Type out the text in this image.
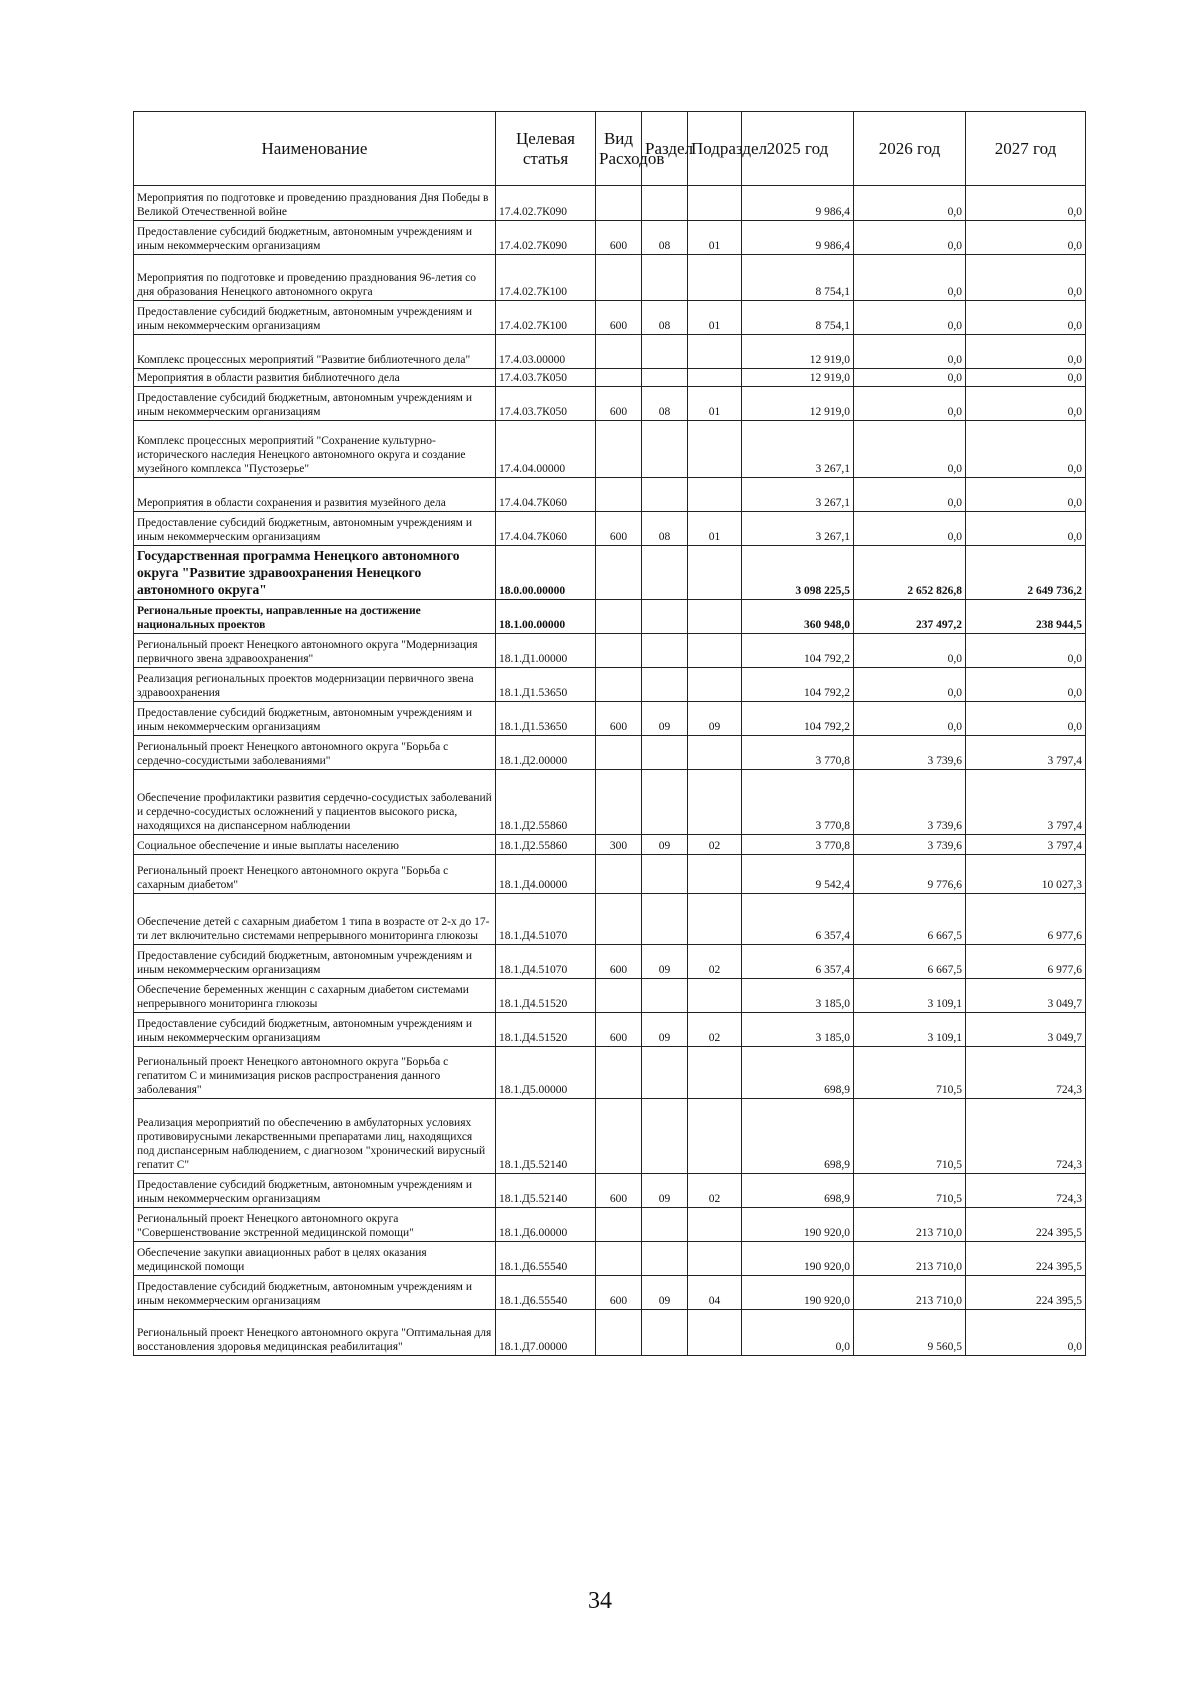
Наименование	Целевая статья	Вид Расходов	Раздел	Подраздел	2025 год	2026 год	2027 год
Мероприятия по подготовке и проведению празднования Дня Победы в Великой Отечественной войне	17.4.02.7К090				9 986,4	0,0	0,0
Предоставление субсидий бюджетным, автономным учреждениям и иным некоммерческим организациям	17.4.02.7К090	600	08	01	9 986,4	0,0	0,0
Мероприятия по подготовке и проведению празднования 96-летия со дня образования Ненецкого автономного округа	17.4.02.7К100				8 754,1	0,0	0,0
Предоставление субсидий бюджетным, автономным учреждениям и иным некоммерческим организациям	17.4.02.7К100	600	08	01	8 754,1	0,0	0,0
Комплекс процессных мероприятий "Развитие библиотечного дела"	17.4.03.00000				12 919,0	0,0	0,0
Мероприятия в области развития библиотечного дела	17.4.03.7К050				12 919,0	0,0	0,0
Предоставление субсидий бюджетным, автономным учреждениям и иным некоммерческим организациям	17.4.03.7К050	600	08	01	12 919,0	0,0	0,0
Комплекс процессных мероприятий "Сохранение культурно-исторического наследия Ненецкого автономного округа и создание музейного комплекса "Пустозерье"	17.4.04.00000				3 267,1	0,0	0,0
Мероприятия в области сохранения и развития музейного дела	17.4.04.7К060				3 267,1	0,0	0,0
Предоставление субсидий бюджетным, автономным учреждениям и иным некоммерческим организациям	17.4.04.7К060	600	08	01	3 267,1	0,0	0,0
Государственная программа Ненецкого автономного округа "Развитие здравоохранения Ненецкого автономного округа"	18.0.00.00000				3 098 225,5	2 652 826,8	2 649 736,2
Региональные проекты, направленные на достижение национальных проектов	18.1.00.00000				360 948,0	237 497,2	238 944,5
Региональный проект Ненецкого автономного округа "Модернизация первичного звена здравоохранения"	18.1.Д1.00000				104 792,2	0,0	0,0
Реализация региональных проектов модернизации первичного звена здравоохранения	18.1.Д1.53650				104 792,2	0,0	0,0
Предоставление субсидий бюджетным, автономным учреждениям и иным некоммерческим организациям	18.1.Д1.53650	600	09	09	104 792,2	0,0	0,0
Региональный проект Ненецкого автономного округа "Борьба с сердечно-сосудистыми заболеваниями"	18.1.Д2.00000				3 770,8	3 739,6	3 797,4
Обеспечение профилактики развития сердечно-сосудистых заболеваний и сердечно-сосудистых осложнений у пациентов высокого риска, находящихся на диспансерном наблюдении	18.1.Д2.55860				3 770,8	3 739,6	3 797,4
Социальное обеспечение и иные выплаты населению	18.1.Д2.55860	300	09	02	3 770,8	3 739,6	3 797,4
Региональный проект Ненецкого автономного округа "Борьба с сахарным диабетом"	18.1.Д4.00000				9 542,4	9 776,6	10 027,3
Обеспечение детей с сахарным диабетом 1 типа в возрасте от 2-х до 17-ти лет включительно системами непрерывного мониторинга глюкозы	18.1.Д4.51070				6 357,4	6 667,5	6 977,6
Предоставление субсидий бюджетным, автономным учреждениям и иным некоммерческим организациям	18.1.Д4.51070	600	09	02	6 357,4	6 667,5	6 977,6
Обеспечение беременных женщин с сахарным диабетом системами непрерывного мониторинга глюкозы	18.1.Д4.51520				3 185,0	3 109,1	3 049,7
Предоставление субсидий бюджетным, автономным учреждениям и иным некоммерческим организациям	18.1.Д4.51520	600	09	02	3 185,0	3 109,1	3 049,7
Региональный проект Ненецкого автономного округа "Борьба с гепатитом С и минимизация рисков распространения данного заболевания"	18.1.Д5.00000				698,9	710,5	724,3
Реализация мероприятий по обеспечению в амбулаторных условиях противовирусными лекарственными препаратами лиц, находящихся под диспансерным наблюдением, с диагнозом "хронический вирусный гепатит С"	18.1.Д5.52140				698,9	710,5	724,3
Предоставление субсидий бюджетным, автономным учреждениям и иным некоммерческим организациям	18.1.Д5.52140	600	09	02	698,9	710,5	724,3
Региональный проект Ненецкого автономного округа "Совершенствование экстренной медицинской помощи"	18.1.Д6.00000				190 920,0	213 710,0	224 395,5
Обеспечение закупки авиационных работ в целях оказания медицинской помощи	18.1.Д6.55540				190 920,0	213 710,0	224 395,5
Предоставление субсидий бюджетным, автономным учреждениям и иным некоммерческим организациям	18.1.Д6.55540	600	09	04	190 920,0	213 710,0	224 395,5
Региональный проект Ненецкого автономного округа "Оптимальная для восстановления здоровья медицинская реабилитация"	18.1.Д7.00000				0,0	9 560,5	0,0
34
